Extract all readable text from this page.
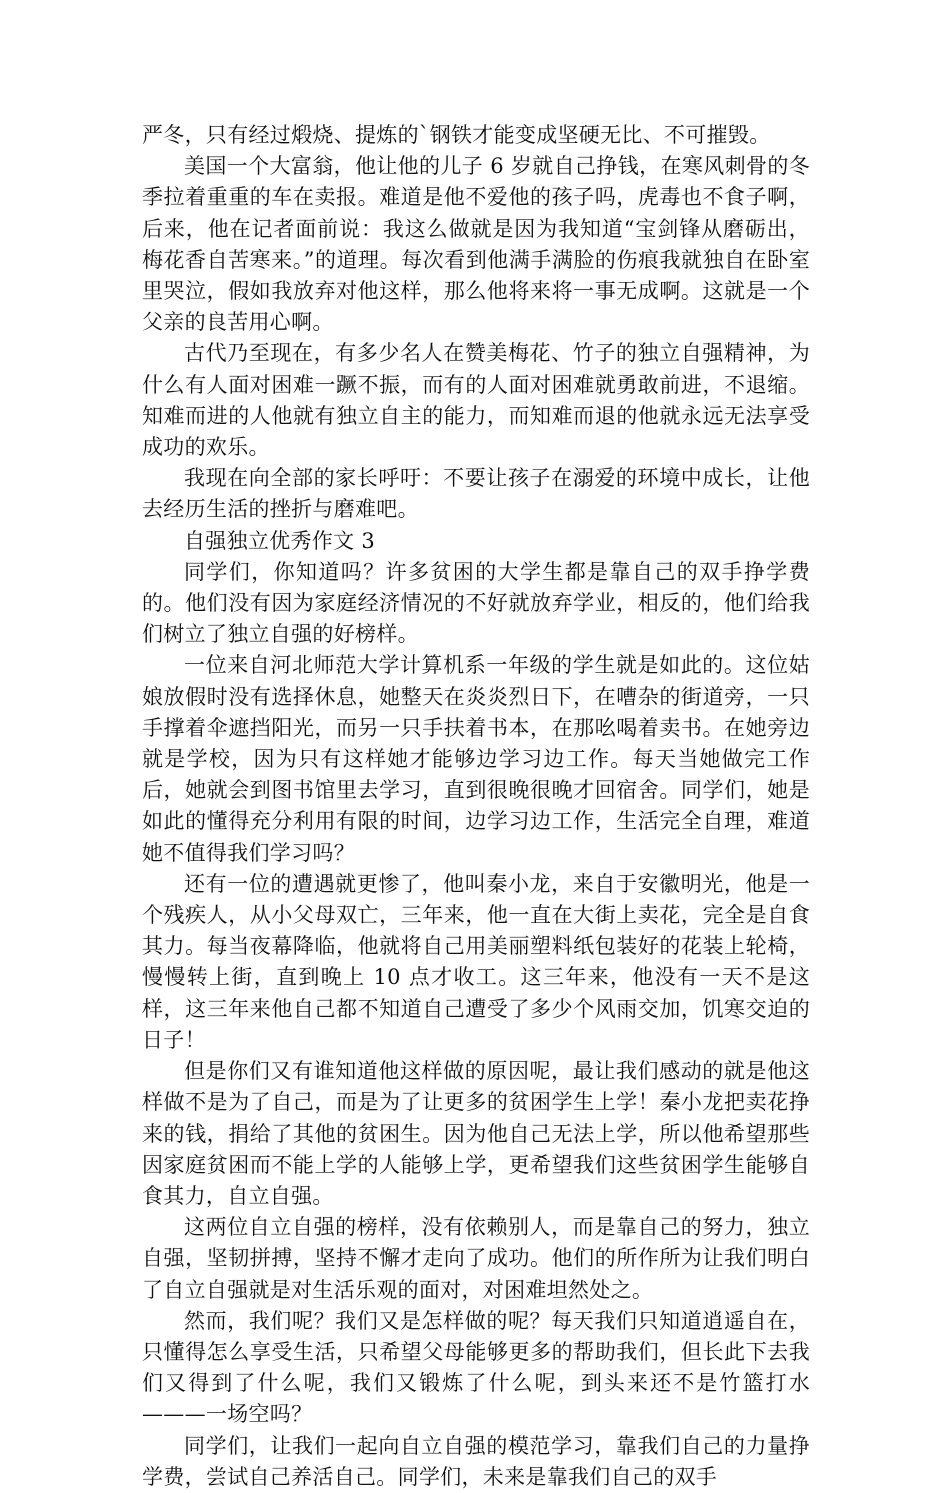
严冬，只有经过煅烧、提炼的`钢铁才能变成坚硬无比、不可摧毁。

美国一个大富翁，他让他的儿子 6 岁就自己挣钱，在寒风刺骨的冬季拉着重重的车在卖报。难道是他不爱他的孩子吗，虎毒也不食子啊，后来，他在记者面前说：我这么做就是因为我知道“宝剑锋从磨砺出，梅花香自苦寒来。”的道理。每次看到他满手满脸的伤痕我就独自在卧室里哭泣，假如我放弃对他这样，那么他将来将一事无成啊。这就是一个父亲的良苦用心啊。

古代乃至现在，有多少名人在赞美梅花、竹子的独立自强精神，为什么有人面对困难一蹶不振，而有的人面对困难就勇敢前进，不退缩。知难而进的人他就有独立自主的能力，而知难而退的他就永远无法享受成功的欢乐。

我现在向全部的家长呼吁：不要让孩子在溺爱的环境中成长，让他去经历生活的挫折与磨难吧。

自强独立优秀作文 3

同学们，你知道吗？许多贫困的大学生都是靠自己的双手挣学费的。他们没有因为家庭经济情况的不好就放弃学业，相反的，他们给我们树立了独立自强的好榜样。

一位来自河北师范大学计算机系一年级的学生就是如此的。这位姑娘放假时没有选择休息，她整天在炎炎烈日下，在嘈杂的街道旁，一只手撑着伞遮挡阳光，而另一只手扶着书本，在那吆喝着卖书。在她旁边就是学校，因为只有这样她才能够边学习边工作。每天当她做完工作后，她就会到图书馆里去学习，直到很晚很晚才回宿舍。同学们，她是如此的懂得充分利用有限的时间，边学习边工作，生活完全自理，难道她不值得我们学习吗？

还有一位的遭遇就更惨了，他叫秦小龙，来自于安徽明光，他是一个残疾人，从小父母双亡，三年来，他一直在大街上卖花，完全是自食其力。每当夜幕降临，他就将自己用美丽塑料纸包装好的花装上轮椅，慢慢转上街，直到晚上 10 点才收工。这三年来，他没有一天不是这样，这三年来他自己都不知道自己遭受了多少个风雨交加，饥寒交迫的日子！

但是你们又有谁知道他这样做的原因呢，最让我们感动的就是他这样做不是为了自己，而是为了让更多的贫困学生上学！秦小龙把卖花挣来的钱，捐给了其他的贫困生。因为他自己无法上学，所以他希望那些因家庭贫困而不能上学的人能够上学，更希望我们这些贫困学生能够自食其力，自立自强。

这两位自立自强的榜样，没有依赖别人，而是靠自己的努力，独立自强，坚韧拼搏，坚持不懈才走向了成功。他们的所作所为让我们明白了自立自强就是对生活乐观的面对，对困难坦然处之。

然而，我们呢？我们又是怎样做的呢？每天我们只知道逍遥自在，只懂得怎么享受生活，只希望父母能够更多的帮助我们，但长此下去我们又得到了什么呢，我们又锻炼了什么呢，到头来还不是竹篮打水———一场空吗？

同学们，让我们一起向自立自强的模范学习，靠我们自己的力量挣学费，尝试自己养活自己。同学们，未来是靠我们自己的双手
